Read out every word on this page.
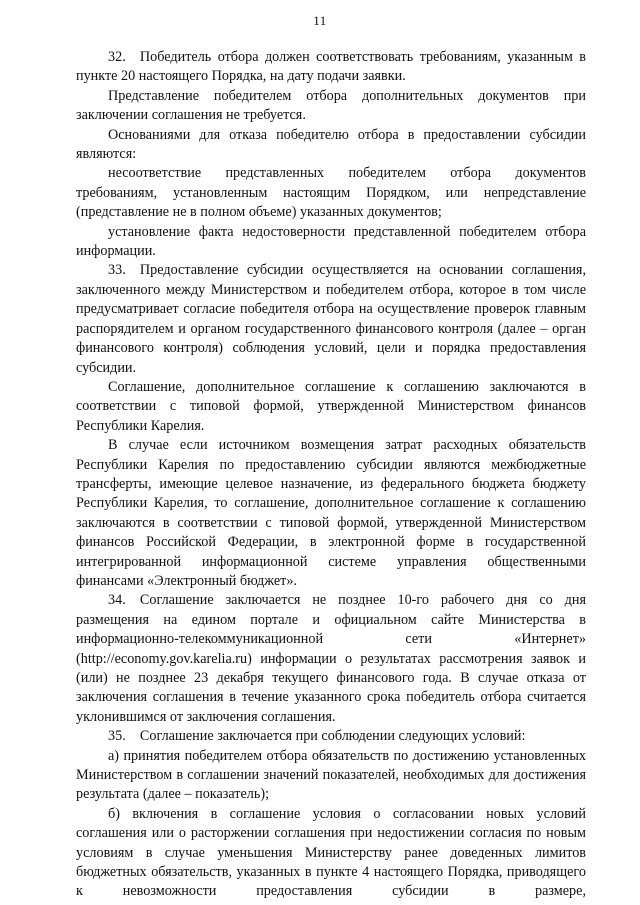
11

32. Победитель отбора должен соответствовать требованиям, указанным в пункте 20 настоящего Порядка, на дату подачи заявки.

Представление победителем отбора дополнительных документов при заключении соглашения не требуется.

Основаниями для отказа победителю отбора в предоставлении субсидии являются:

несоответствие представленных победителем отбора документов требованиям, установленным настоящим Порядком, или непредставление (представление не в полном объеме) указанных документов;

установление факта недостоверности представленной победителем отбора информации.

33. Предоставление субсидии осуществляется на основании соглашения, заключенного между Министерством и победителем отбора, которое в том числе предусматривает согласие победителя отбора на осуществление проверок главным распорядителем и органом государственного финансового контроля (далее – орган финансового контроля) соблюдения условий, цели и порядка предоставления субсидии.

Соглашение, дополнительное соглашение к соглашению заключаются в соответствии с типовой формой, утвержденной Министерством финансов Республики Карелия.

В случае если источником возмещения затрат расходных обязательств Республики Карелия по предоставлению субсидии являются межбюджетные трансферты, имеющие целевое назначение, из федерального бюджета бюджету Республики Карелия, то соглашение, дополнительное соглашение к соглашению заключаются в соответствии с типовой формой, утвержденной Министерством финансов Российской Федерации, в электронной форме в государственной интегрированной информационной системе управления общественными финансами «Электронный бюджет».

34. Соглашение заключается не позднее 10-го рабочего дня со дня размещения на едином портале и официальном сайте Министерства в информационно-телекоммуникационной сети «Интернет» (http://economy.gov.karelia.ru) информации о результатах рассмотрения заявок и (или) не позднее 23 декабря текущего финансового года. В случае отказа от заключения соглашения в течение указанного срока победитель отбора считается уклонившимся от заключения соглашения.

35. Соглашение заключается при соблюдении следующих условий:

а) принятия победителем отбора обязательств по достижению установленных Министерством в соглашении значений показателей, необходимых для достижения результата (далее – показатель);

б) включения в соглашение условия о согласовании новых условий соглашения или о расторжении соглашения при недостижении согласия по новым условиям в случае уменьшения Министерству ранее доведенных лимитов бюджетных обязательств, указанных в пункте 4 настоящего Порядка, приводящего к невозможности предоставления субсидии в размере,
